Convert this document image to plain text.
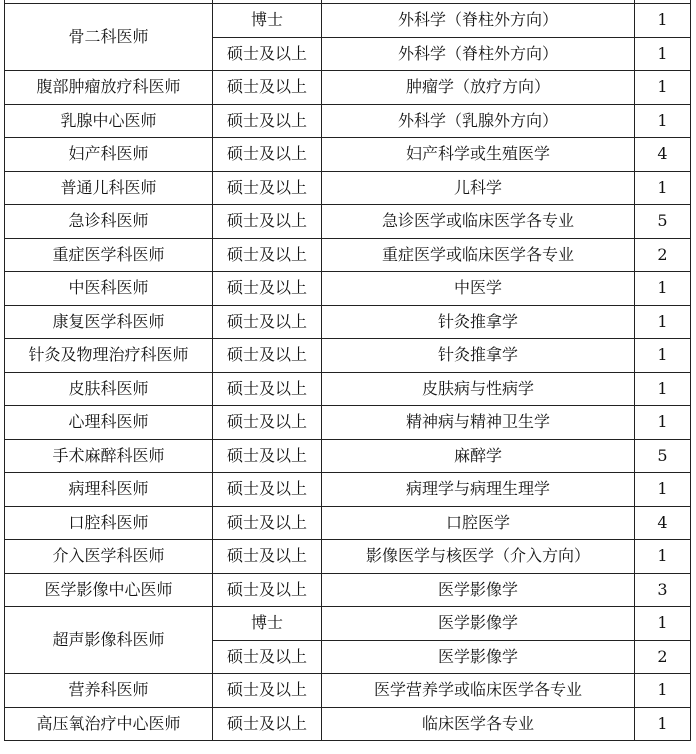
骨二科医师	博士	外科学（脊柱外方向）	1
	硕士及以上	外科学（脊柱外方向）	1
腹部肿瘤放疗科医师	硕士及以上	肿瘤学（放疗方向）	1
乳腺中心医师	硕士及以上	外科学（乳腺外方向）	1
妇产科医师	硕士及以上	妇产科学或生殖医学	4
普通儿科医师	硕士及以上	儿科学	1
急诊科医师	硕士及以上	急诊医学或临床医学各专业	5
重症医学科医师	硕士及以上	重症医学或临床医学各专业	2
中医科医师	硕士及以上	中医学	1
康复医学科医师	硕士及以上	针灸推拿学	1
针灸及物理治疗科医师	硕士及以上	针灸推拿学	1
皮肤科医师	硕士及以上	皮肤病与性病学	1
心理科医师	硕士及以上	精神病与精神卫生学	1
手术麻醉科医师	硕士及以上	麻醉学	5
病理科医师	硕士及以上	病理学与病理生理学	1
口腔科医师	硕士及以上	口腔医学	4
介入医学科医师	硕士及以上	影像医学与核医学（介入方向）	1
医学影像中心医师	硕士及以上	医学影像学	3
超声影像科医师	博士	医学影像学	1
	硕士及以上	医学影像学	2
营养科医师	硕士及以上	医学营养学或临床医学各专业	1
高压氧治疗中心医师	硕士及以上	临床医学各专业	1
